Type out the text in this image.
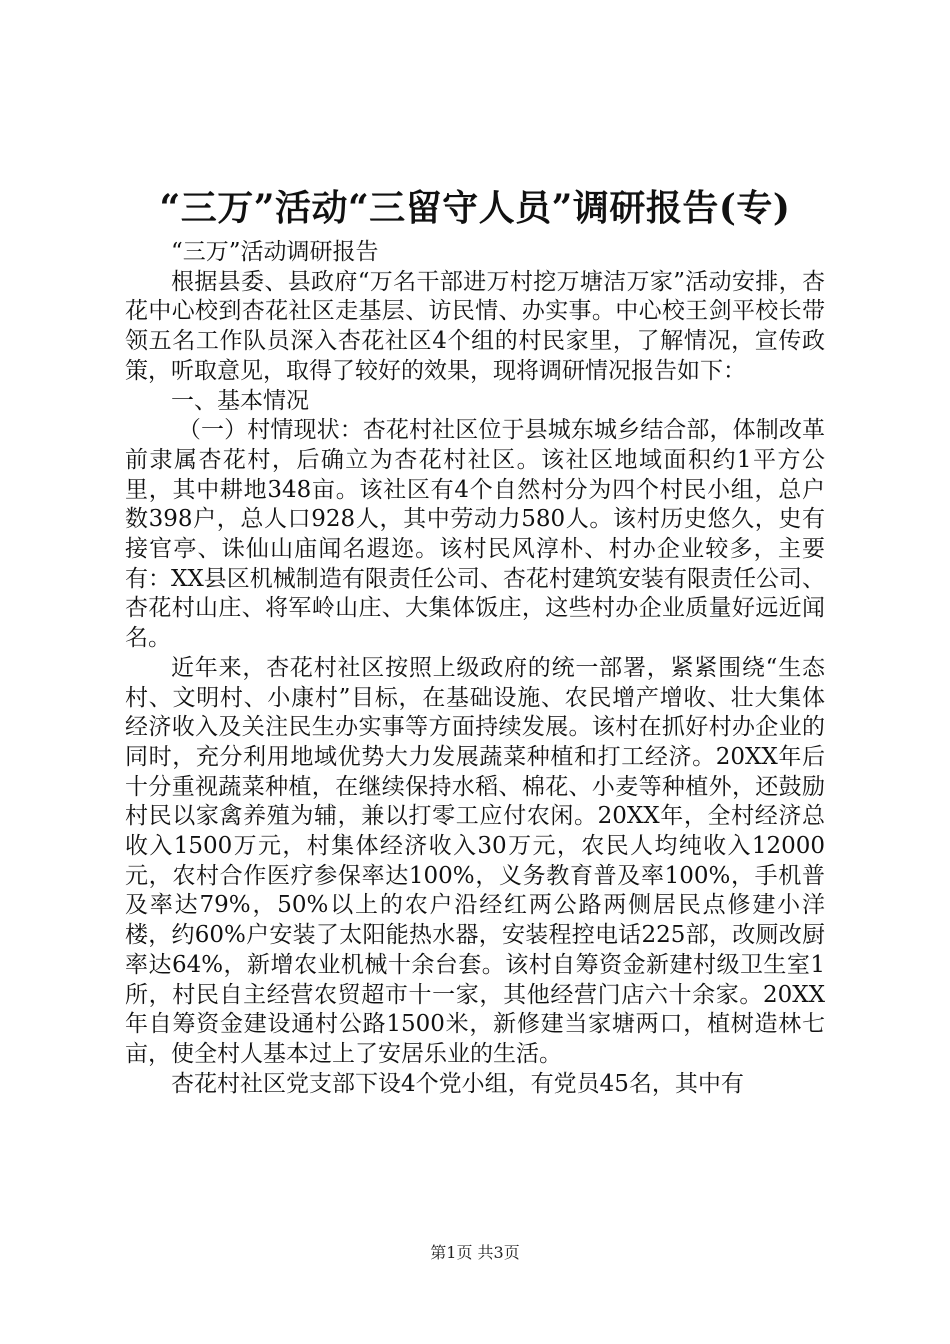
“三万”活动“三留守人员”调研报告(专)

“三万”活动调研报告

根据县委、县政府“万名干部进万村挖万塘洁万家”活动安排，杏花中心校到杏花社区走基层、访民情、办实事。中心校王剑平校长带领五名工作队员深入杏花社区4个组的村民家里，了解情况，宣传政策，听取意见，取得了较好的效果，现将调研情况报告如下：

一、基本情况

（一）村情现状：杏花村社区位于县城东城乡结合部，体制改革前隶属杏花村，后确立为杏花村社区。该社区地域面积约1平方公里，其中耕地348亩。该社区有4个自然村分为四个村民小组，总户数398户，总人口928人，其中劳动力580人。该村历史悠久，史有接官亭、诛仙山庙闻名遐迩。该村民风淳朴、村办企业较多，主要有：XX县区机械制造有限责任公司、杏花村建筑安装有限责任公司、杏花村山庄、将军岭山庄、大集体饭庄，这些村办企业质量好远近闻名。

近年来，杏花村社区按照上级政府的统一部署，紧紧围绕“生态村、文明村、小康村”目标，在基础设施、农民增产增收、壮大集体经济收入及关注民生办实事等方面持续发展。该村在抓好村办企业的同时，充分利用地域优势大力发展蔬菜种植和打工经济。20XX年后十分重视蔬菜种植，在继续保持水稻、棉花、小麦等种植外，还鼓励村民以家禽养殖为辅，兼以打零工应付农闲。20XX年，全村经济总收入1500万元，村集体经济收入30万元，农民人均纯收入12000元，农村合作医疗参保率达100%，义务教育普及率100%，手机普及率达79%，50%以上的农户沿经红两公路两侧居民点修建小洋楼，约60%户安装了太阳能热水器，安装程控电话225部，改厕改厨率达64%，新增农业机械十余台套。该村自筹资金新建村级卫生室1所，村民自主经营农贸超市十一家，其他经营门店六十余家。20XX年自筹资金建设通村公路1500米，新修建当家塘两口，植树造林七亩，使全村人基本过上了安居乐业的生活。

杏花村社区党支部下设4个党小组，有党员45名，其中有

第1页 共3页
